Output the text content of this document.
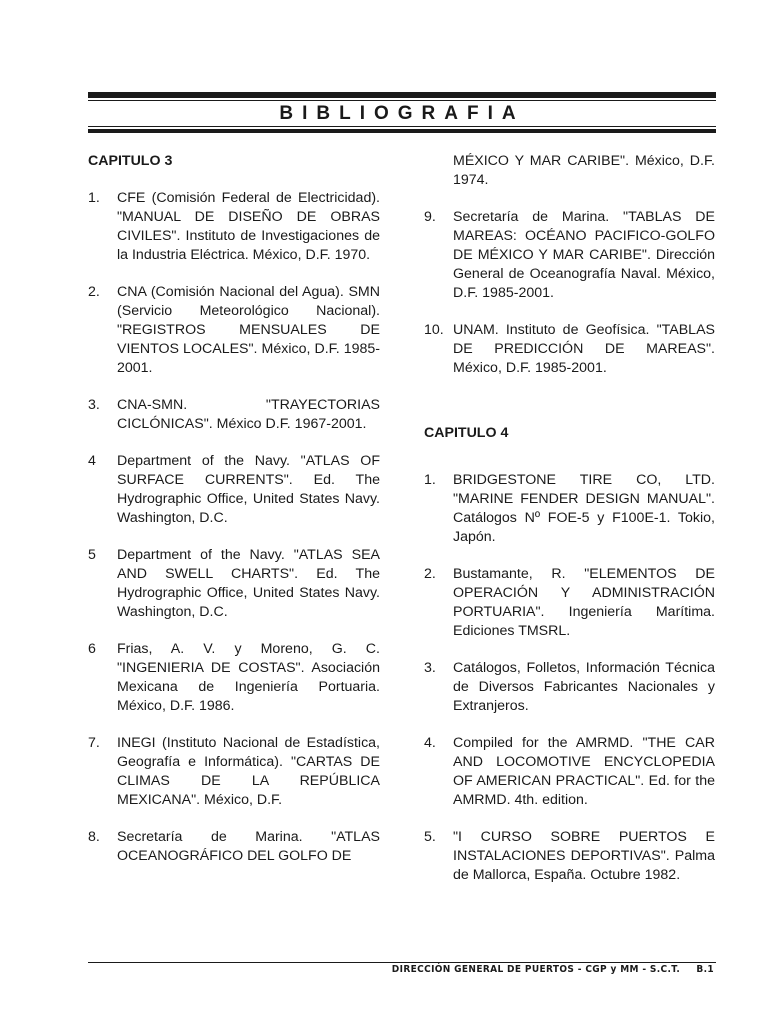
BIBLIOGRAFIA
CAPITULO 3
1. CFE (Comisión Federal de Electricidad). "MANUAL DE DISEÑO DE OBRAS CIVILES". Instituto de Investigaciones de la Industria Eléctrica. México, D.F. 1970.
2. CNA (Comisión Nacional del Agua). SMN (Servicio Meteorológico Nacional). "REGISTROS MENSUALES DE VIENTOS LOCALES". México, D.F. 1985-2001.
3. CNA-SMN. "TRAYECTORIAS CICLÓNICAS". México D.F. 1967-2001.
4 Department of the Navy. "ATLAS OF SURFACE CURRENTS". Ed. The Hydrographic Office, United States Navy. Washington, D.C.
5 Department of the Navy. "ATLAS SEA AND SWELL CHARTS". Ed. The Hydrographic Office, United States Navy. Washington, D.C.
6 Frias, A. V. y Moreno, G. C. "INGENIERIA DE COSTAS". Asociación Mexicana de Ingeniería Portuaria. México, D.F. 1986.
7. INEGI (Instituto Nacional de Estadística, Geografía e Informática). "CARTAS DE CLIMAS DE LA REPÚBLICA MEXICANA". México, D.F.
8. Secretaría de Marina. "ATLAS OCEANOGRÁFICO DEL GOLFO DE
MÉXICO Y MAR CARIBE". México, D.F. 1974.
9. Secretaría de Marina. "TABLAS DE MAREAS: OCÉANO PACIFICO-GOLFO DE MÉXICO Y MAR CARIBE". Dirección General de Oceanografía Naval. México, D.F. 1985-2001.
10. UNAM. Instituto de Geofísica. "TABLAS DE PREDICCIÓN DE MAREAS". México, D.F. 1985-2001.
CAPITULO 4
1. BRIDGESTONE TIRE CO, LTD. "MARINE FENDER DESIGN MANUAL". Catálogos Nº FOE-5 y F100E-1. Tokio, Japón.
2. Bustamante, R. "ELEMENTOS DE OPERACIÓN Y ADMINISTRACIÓN PORTUARIA". Ingeniería Marítima. Ediciones TMSRL.
3. Catálogos, Folletos, Información Técnica de Diversos Fabricantes Nacionales y Extranjeros.
4. Compiled for the AMRMD. "THE CAR AND LOCOMOTIVE ENCYCLOPEDIA OF AMERICAN PRACTICAL". Ed. for the AMRMD. 4th. edition.
5. "I CURSO SOBRE PUERTOS E INSTALACIONES DEPORTIVAS". Palma de Mallorca, España. Octubre 1982.
DIRECCIÓN GENERAL DE PUERTOS - CGP y MM - S.C.T. B.1
